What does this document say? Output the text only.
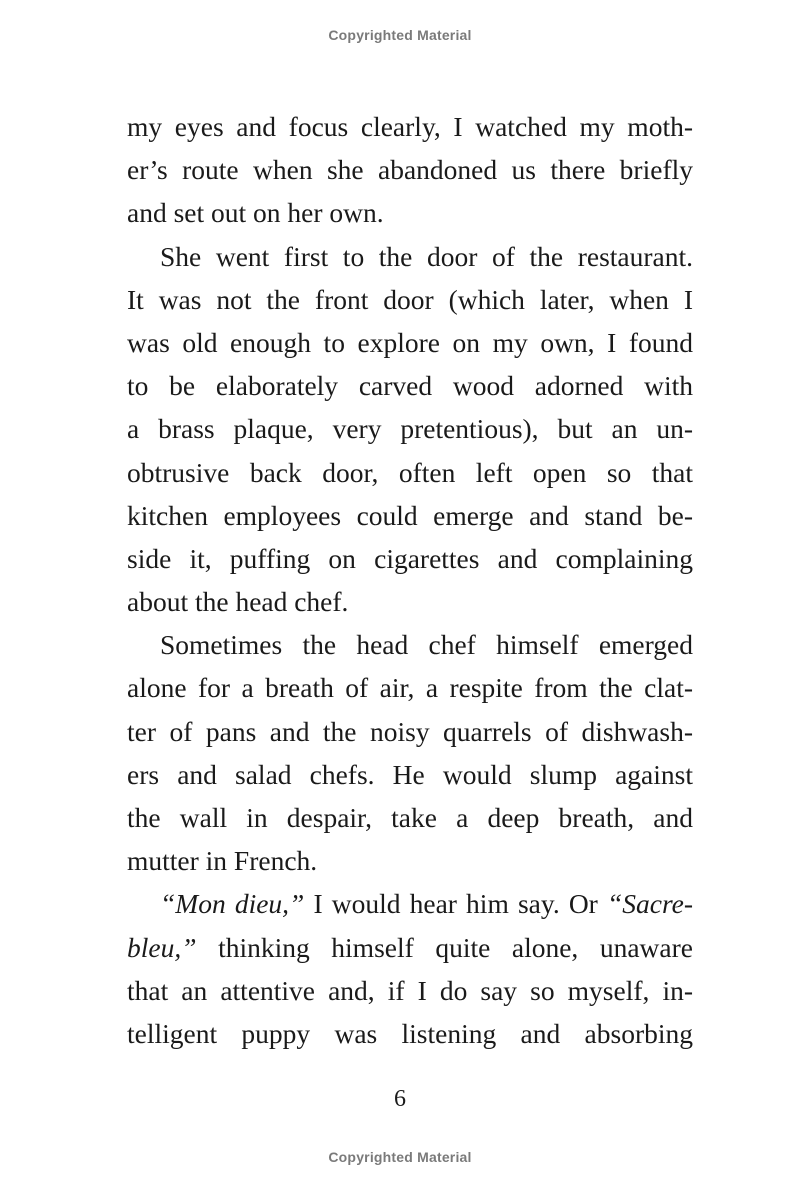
Copyrighted Material
my eyes and focus clearly, I watched my moth-
er’s route when she abandoned us there briefly
and set out on her own.
She went first to the door of the restaurant.
It was not the front door (which later, when I
was old enough to explore on my own, I found
to be elaborately carved wood adorned with
a brass plaque, very pretentious), but an un-
obtrusive back door, often left open so that
kitchen employees could emerge and stand be-
side it, puffing on cigarettes and complaining
about the head chef.
Sometimes the head chef himself emerged
alone for a breath of air, a respite from the clat-
ter of pans and the noisy quarrels of dishwash-
ers and salad chefs. He would slump against
the wall in despair, take a deep breath, and
mutter in French.
“Mon dieu,” I would hear him say. Or “Sacre-
bleu,” thinking himself quite alone, unaware
that an attentive and, if I do say so myself, in-
telligent puppy was listening and absorbing
6
Copyrighted Material
